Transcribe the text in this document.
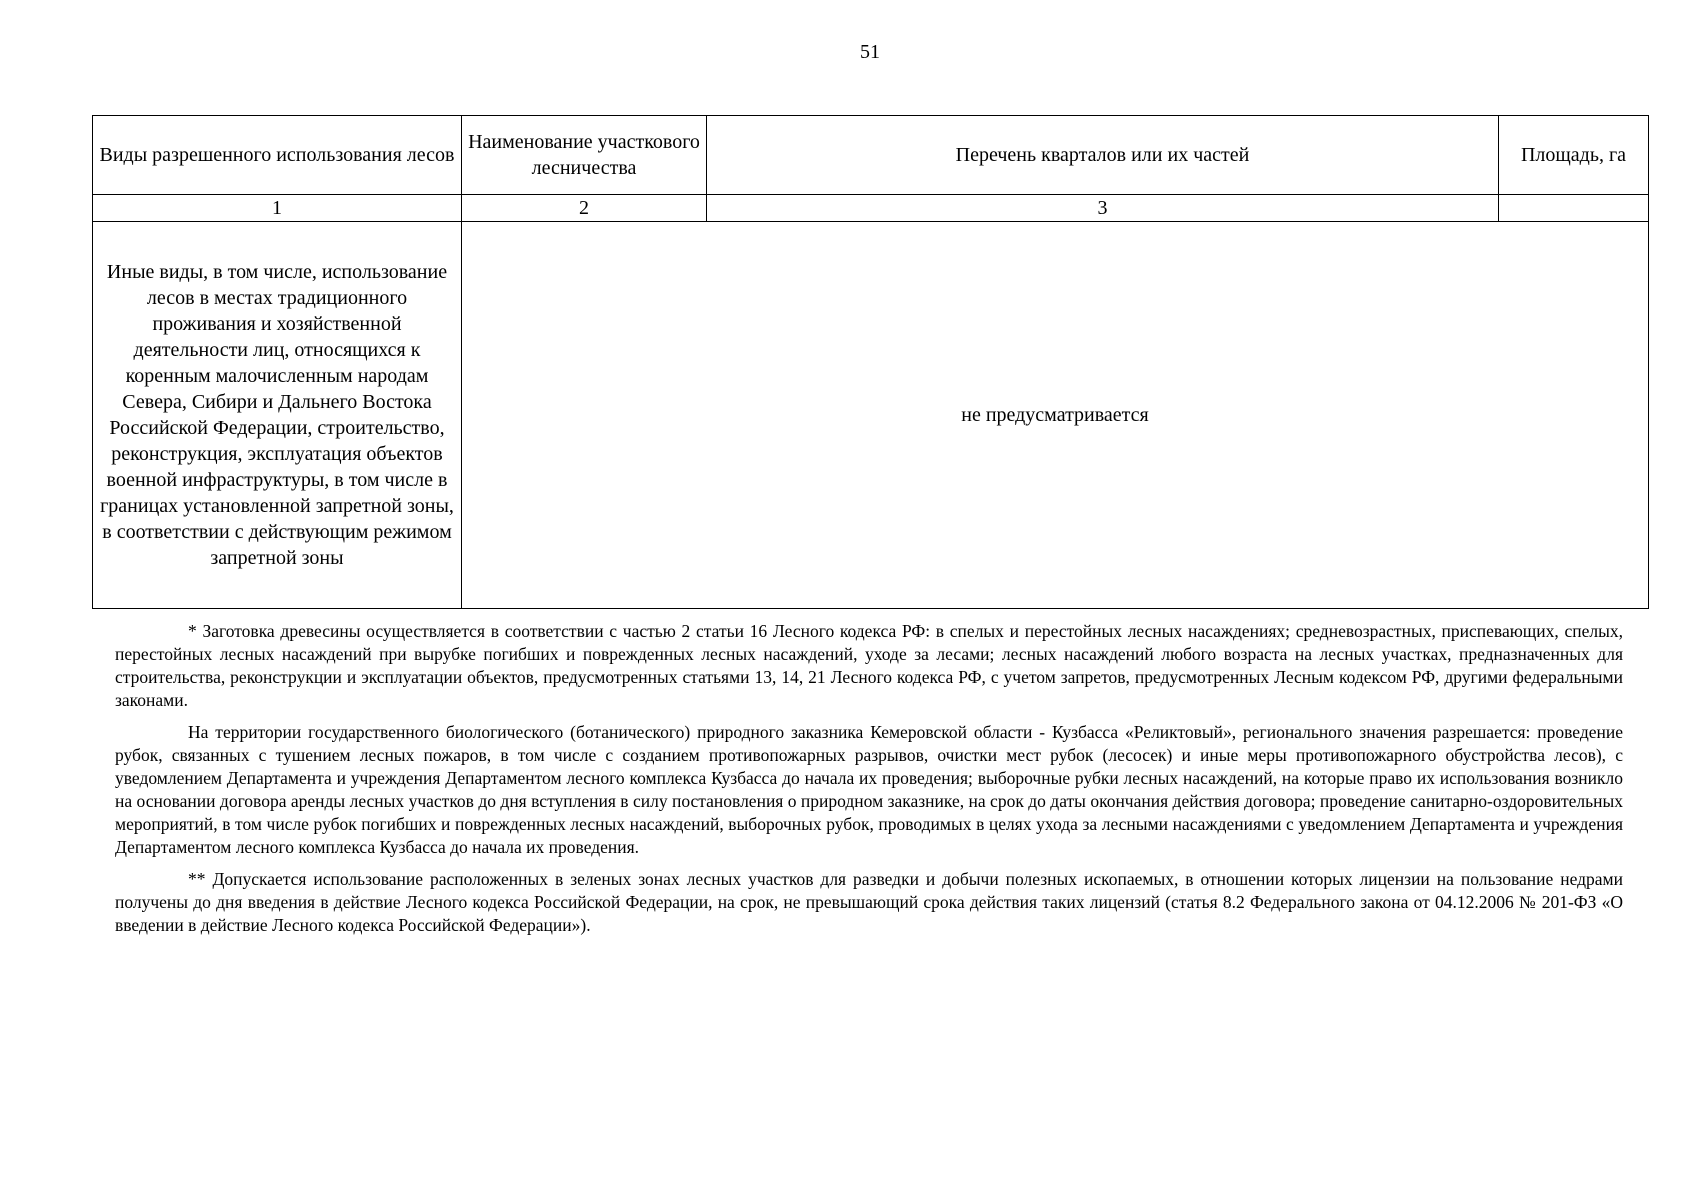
51
Виды разрешенного использования лесов	Наименование участкового лесничества	Перечень кварталов или их частей	Площадь, га
1	2	3	
Иные виды, в том числе, использование лесов в местах традиционного проживания и хозяйственной деятельности лиц, относящихся к коренным малочисленным народам Севера, Сибири и Дальнего Востока Российской Федерации, строительство, реконструкция, эксплуатация объектов военной инфраструктуры, в том числе в границах установленной запретной зоны, в соответствии с действующим режимом запретной зоны	не предусматривается		

* Заготовка древесины осуществляется в соответствии с частью 2 статьи 16 Лесного кодекса РФ: в спелых и перестойных лесных насаждениях; средневозрастных, приспевающих, спелых, перестойных лесных насаждений при вырубке погибших и поврежденных лесных насаждений, уходе за лесами; лесных насаждений любого возраста на лесных участках, предназначенных для строительства, реконструкции и эксплуатации объектов, предусмотренных статьями 13, 14, 21 Лесного кодекса РФ, с учетом запретов, предусмотренных Лесным кодексом РФ, другими федеральными законами.

На территории государственного биологического (ботанического) природного заказника Кемеровской области - Кузбасса «Реликтовый», регионального значения разрешается: проведение рубок, связанных с тушением лесных пожаров, в том числе с созданием противопожарных разрывов, очистки мест рубок (лесосек) и иные меры противопожарного обустройства лесов), с уведомлением Департамента и учреждения Департаментом лесного комплекса Кузбасса до начала их проведения; выборочные рубки лесных насаждений, на которые право их использования возникло на основании договора аренды лесных участков до дня вступления в силу постановления о природном заказнике, на срок до даты окончания действия договора; проведение санитарно-оздоровительных мероприятий, в том числе рубок погибших и поврежденных лесных насаждений, выборочных рубок, проводимых в целях ухода за лесными насаждениями с уведомлением Департамента и учреждения Департаментом лесного комплекса Кузбасса до начала их проведения.

** Допускается использование расположенных в зеленых зонах лесных участков для разведки и добычи полезных ископаемых, в отношении которых лицензии на пользование недрами получены до дня введения в действие Лесного кодекса Российской Федерации, на срок, не превышающий срока действия таких лицензий (статья 8.2 Федерального закона от 04.12.2006 № 201-ФЗ «О введении в действие Лесного кодекса Российской Федерации»).
